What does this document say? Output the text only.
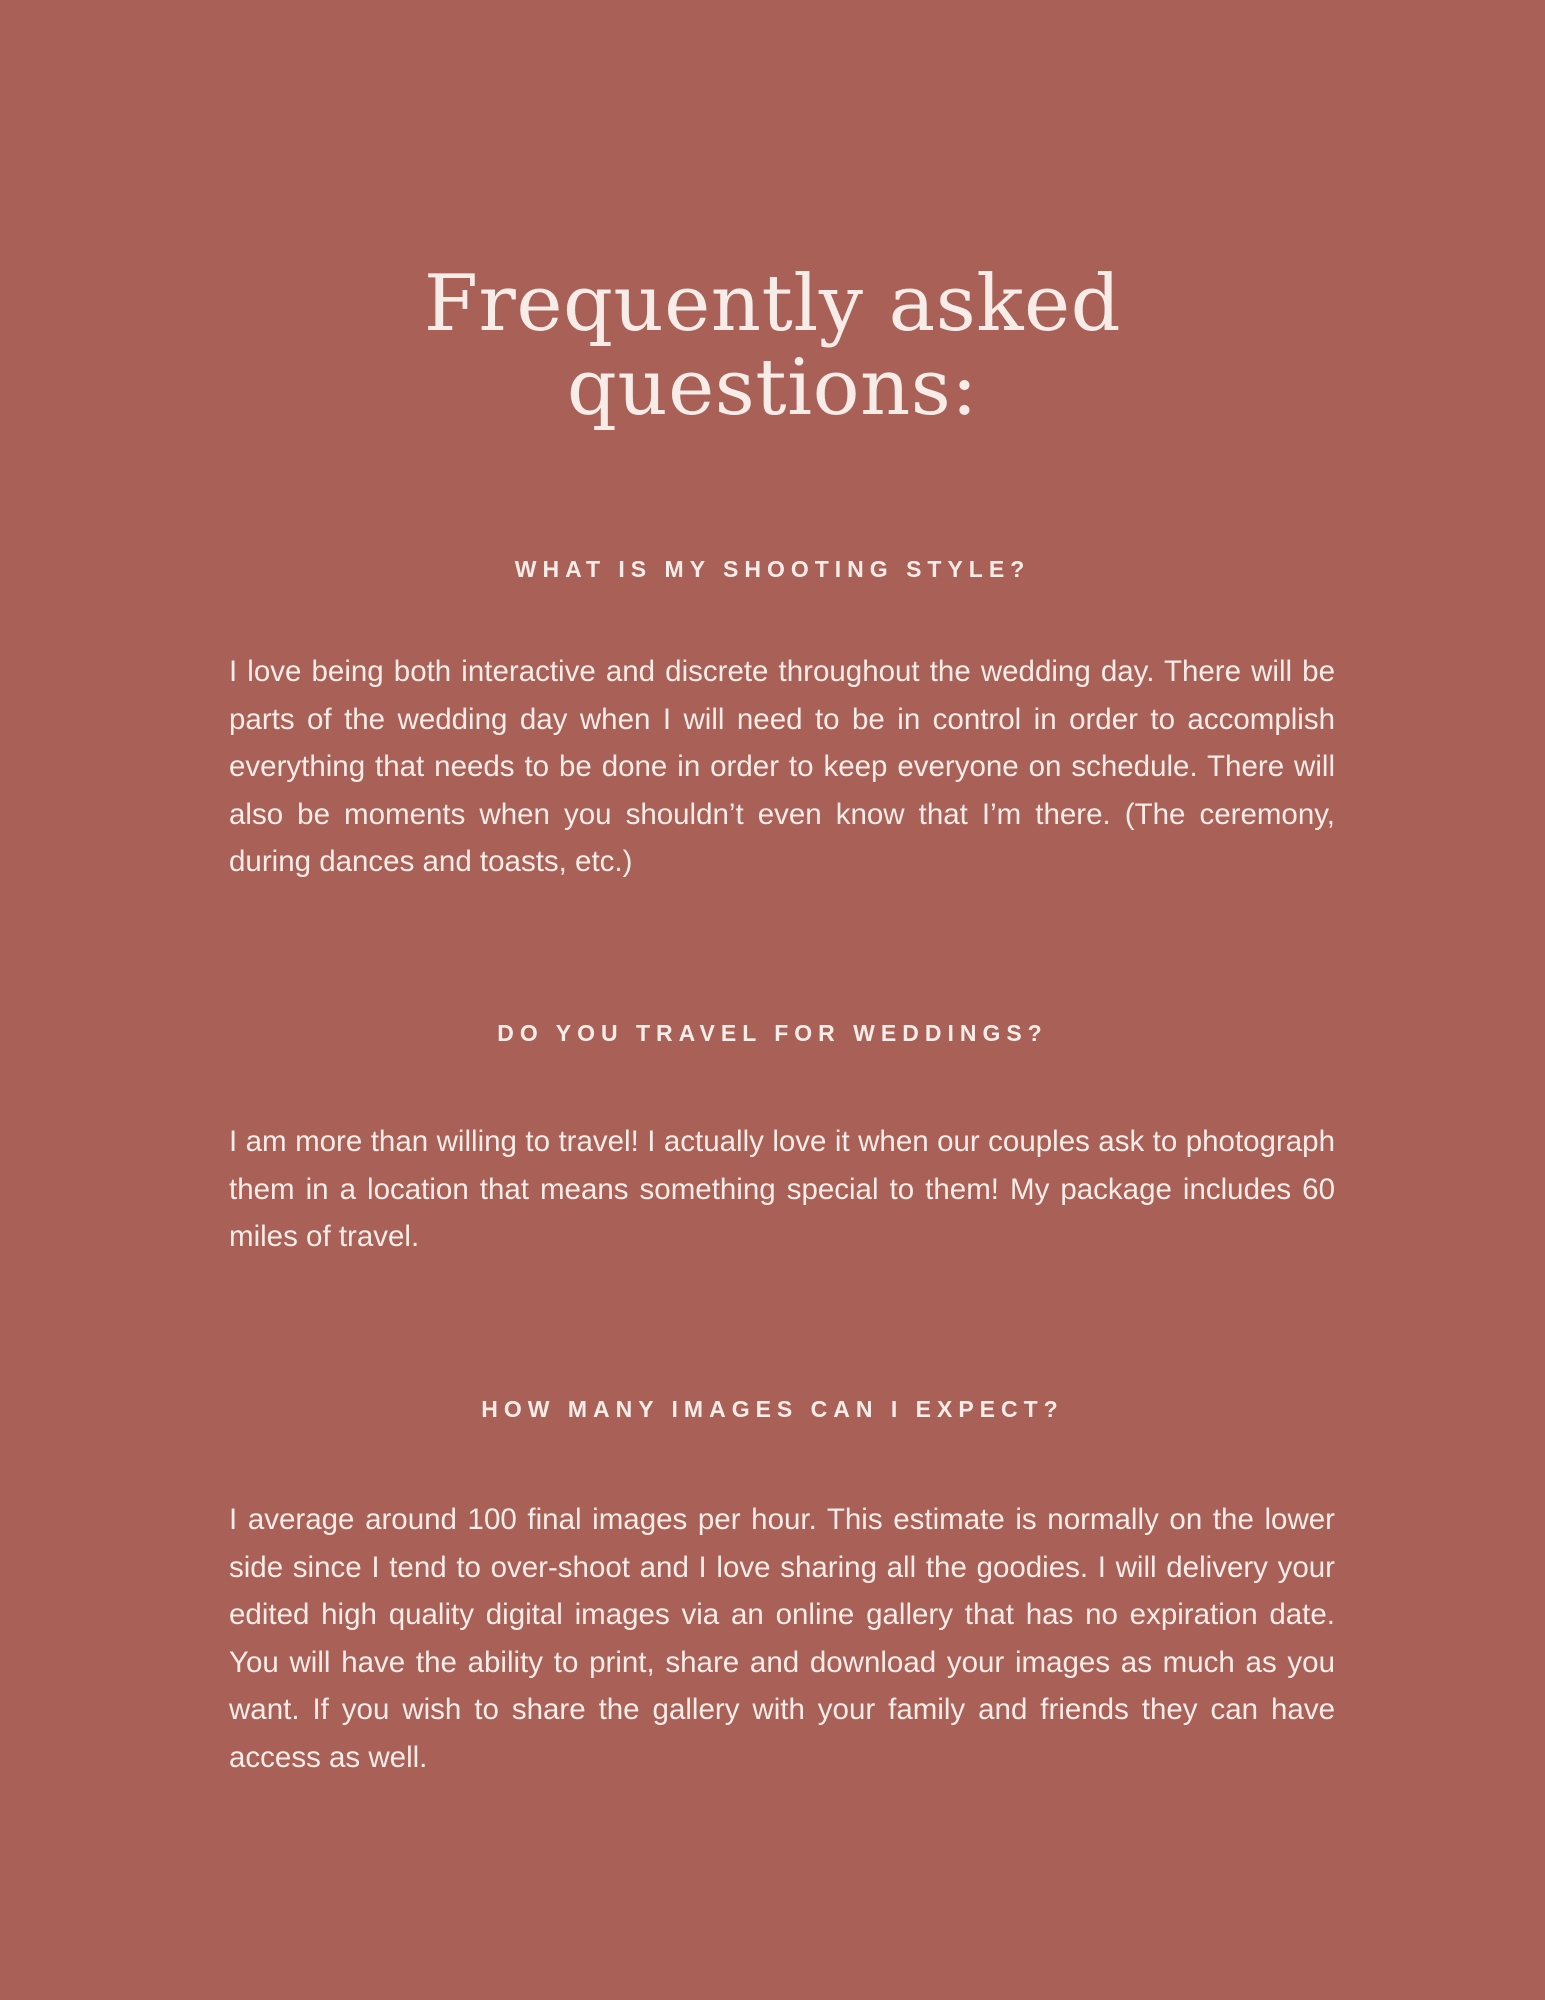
Frequently asked
questions:
WHAT IS MY SHOOTING STYLE?

I love being both interactive and discrete throughout the wedding day. There will be parts of the wedding day when I will need to be in control in order to accomplish everything that needs to be done in order to keep everyone on schedule. There will also be moments when you shouldn’t even know that I’m there. (The ceremony, during dances and toasts, etc.)

DO YOU TRAVEL FOR WEDDINGS?

I am more than willing to travel! I actually love it when our couples ask to photograph them in a location that means something special to them! My package includes 60 miles of travel.

HOW MANY IMAGES CAN I EXPECT?

I average around 100 final images per hour. This estimate is normally on the lower side since I tend to over-shoot and I love sharing all the goodies. I will delivery your edited high quality digital images via an online gallery that has no expiration date. You will have the ability to print, share and download your images as much as you want. If you wish to share the gallery with your family and friends they can have access as well.
